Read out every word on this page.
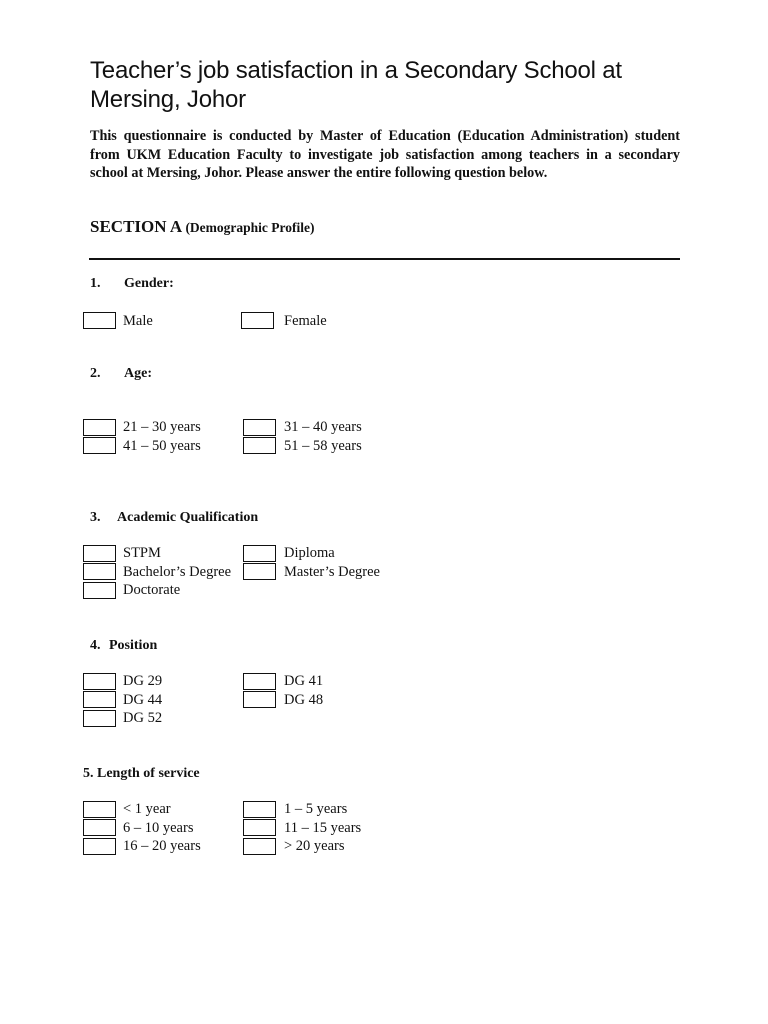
Teacher’s job satisfaction in a Secondary School at Mersing, Johor

This questionnaire is conducted by Master of Education (Education Administration) student from UKM Education Faculty to investigate job satisfaction among teachers in a secondary school at Mersing, Johor. Please answer the entire following question below.

SECTION A (Demographic Profile)
1. Gender:
Male	Female
2. Age:
21 – 30 years	31 – 40 years
41 – 50 years	51 – 58 years
3. Academic Qualification
STPM	Diploma
Bachelor’s Degree	Master’s Degree
Doctorate
4. Position
DG 29	DG 41
DG 44	DG 48
DG 52
5. Length of service
< 1 year	1 – 5 years
6 – 10 years	11 – 15 years
16 – 20 years	> 20 years
